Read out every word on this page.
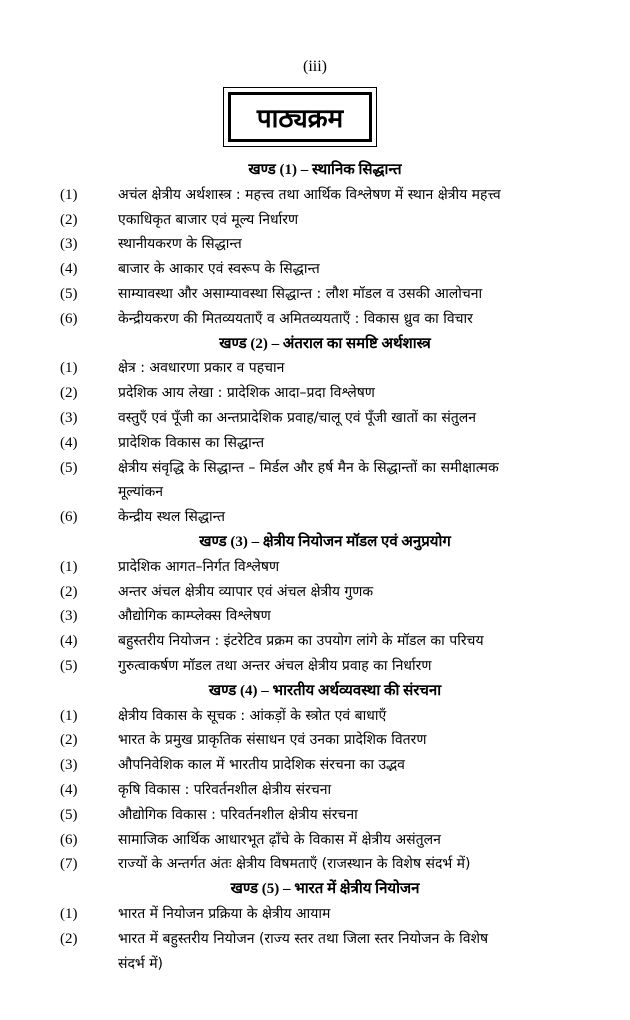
(iii)
पाठ्यक्रम
खण्ड (1) – स्थानिक सिद्धान्त
(1)	अचंल क्षेत्रीय अर्थशास्त्र : महत्त्व तथा आर्थिक विश्लेषण में स्थान क्षेत्रीय महत्त्व
(2)	एकाधिकृत बाजार एवं मूल्य निर्धारण
(3)	स्थानीयकरण के सिद्धान्त
(4)	बाजार के आकार एवं स्वरूप के सिद्धान्त
(5)	साम्यावस्था और असाम्यावस्था सिद्धान्त : लौश मॉडल व उसकी आलोचना
(6)	केन्द्रीयकरण की मितव्ययताएँ व अमितव्ययताएँ : विकास ध्रुव का विचार
खण्ड (2) – अंतराल का समष्टि अर्थशास्त्र
(1)	क्षेत्र : अवधारणा प्रकार व पहचान
(2)	प्रदेशिक आय लेखा : प्रादेशिक आदा–प्रदा विश्लेषण
(3)	वस्तुएँ एवं पूँजी का अन्तप्रादेशिक प्रवाह/चालू एवं पूँजी खातों का संतुलन
(4)	प्रादेशिक विकास का सिद्धान्त
(5)	क्षेत्रीय संवृद्धि के सिद्धान्त – मिर्डल और हर्ष मैन के सिद्धान्तों का समीक्षात्मक
मूल्यांकन
(6)	केन्द्रीय स्थल सिद्धान्त
खण्ड (3) – क्षेत्रीय नियोजन मॉडल एवं अनुप्रयोग
(1)	प्रादेशिक आगत–निर्गत विश्लेषण
(2)	अन्तर अंचल क्षेत्रीय व्यापार एवं अंचल क्षेत्रीय गुणक
(3)	औद्योगिक काम्प्लेक्स विश्लेषण
(4)	बहुस्तरीय नियोजन : इंटरेटिव प्रक्रम का उपयोग लांगे के मॉडल का परिचय
(5)	गुरुत्वाकर्षण मॉडल तथा अन्तर अंचल क्षेत्रीय प्रवाह का निर्धारण
खण्ड (4) – भारतीय अर्थव्यवस्था की संरचना
(1)	क्षेत्रीय विकास के सूचक : आंकड़ों के स्त्रोत एवं बाधाएँ
(2)	भारत के प्रमुख प्राकृतिक संसाधन एवं उनका प्रादेशिक वितरण
(3)	औपनिवेशिक काल में भारतीय प्रादेशिक संरचना का उद्भव
(4)	कृषि विकास : परिवर्तनशील क्षेत्रीय संरचना
(5)	औद्योगिक विकास : परिवर्तनशील क्षेत्रीय संरचना
(6)	सामाजिक आर्थिक आधारभूत ढ़ाँचे के विकास में क्षेत्रीय असंतुलन
(7)	राज्यों के अन्तर्गत अंतः क्षेत्रीय विषमताएँ (राजस्थान के विशेष संदर्भ में)
खण्ड (5) – भारत में क्षेत्रीय नियोजन
(1)	भारत में नियोजन प्रक्रिया के क्षेत्रीय आयाम
(2)	भारत में बहुस्तरीय नियोजन (राज्य स्तर तथा जिला स्तर नियोजन के विशेष
संदर्भ में)
